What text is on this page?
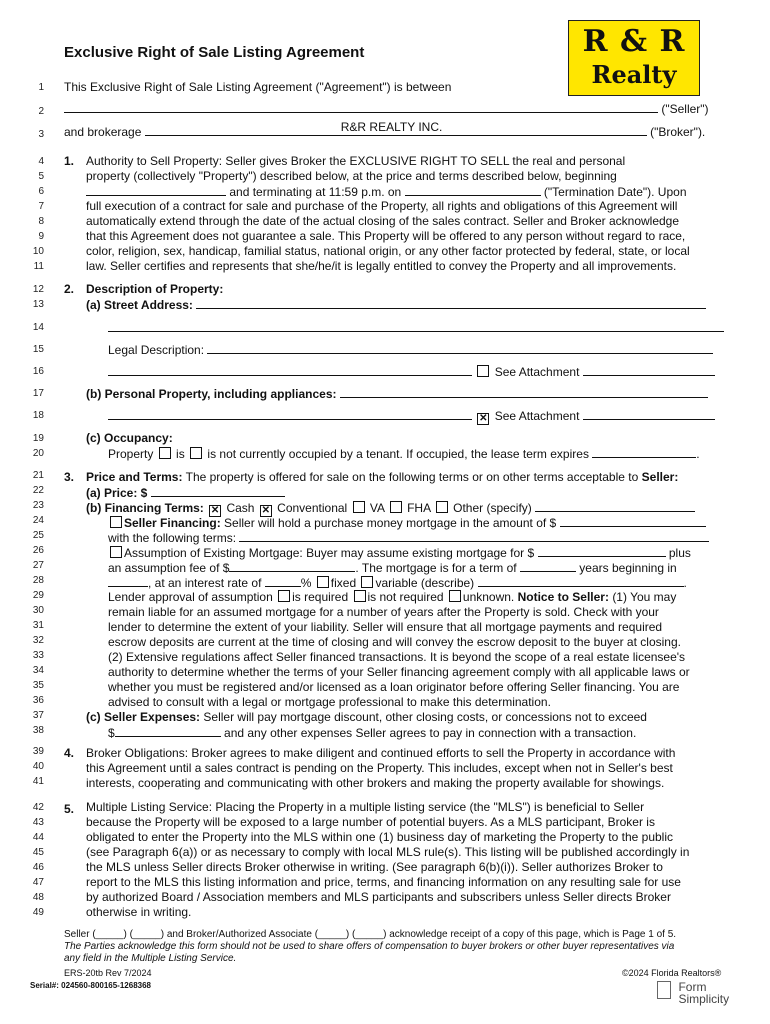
Exclusive Right of Sale Listing Agreement	R & R
Realty
1
2
3
4
5
6
7
8
9
10
11
12
13
14
15
16
17
18
19
20
21
22
23
24
25
26
27
28
29
30
31
32
33
34
35
36
37
38
39
40
41
42
43
44
45
46
47
48
49
This Exclusive Right of Sale Listing Agreement ("Agreement") is between
("Seller")
and brokerage	R&R REALTY INC.	("Broker").
1. Authority to Sell Property: Seller gives Broker the EXCLUSIVE RIGHT TO SELL the real and personal
property (collectively "Property") described below, at the price and terms described below, beginning
and terminating at 11:59 p.m. on	("Termination Date"). Upon
full execution of a contract for sale and purchase of the Property, all rights and obligations of this Agreement will
automatically extend through the date of the actual closing of the sales contract. Seller and Broker acknowledge
that this Agreement does not guarantee a sale. This Property will be offered to any person without regard to race,
color, religion, sex, handicap, familial status, national origin, or any other factor protected by federal, state, or local
law. Seller certifies and represents that she/he/it is legally entitled to convey the Property and all improvements.
2. Description of Property:
(a) Street Address:
Legal Description:
See Attachment
(b) Personal Property, including appliances:
✕ See Attachment
(c) Occupancy:
Property is is not currently occupied by a tenant. If occupied, the lease term expires	.
3. Price and Terms: The property is offered for sale on the following terms or on other terms acceptable to Seller:
(a) Price: $
(b) Financing Terms: ✕ Cash ✕ Conventional VA FHA Other (specify)
Seller Financing: Seller will hold a purchase money mortgage in the amount of $
with the following terms:
Assumption of Existing Mortgage: Buyer may assume existing mortgage for $	plus
an assumption fee of $	. The mortgage is for a term of	years beginning in
, at an interest rate of	% fixed variable (describe)	.
Lender approval of assumption is required is not required unknown. Notice to Seller: (1) You may
remain liable for an assumed mortgage for a number of years after the Property is sold. Check with your
lender to determine the extent of your liability. Seller will ensure that all mortgage payments and required
escrow deposits are current at the time of closing and will convey the escrow deposit to the buyer at closing.
(2) Extensive regulations affect Seller financed transactions. It is beyond the scope of a real estate licensee's
authority to determine whether the terms of your Seller financing agreement comply with all applicable laws or
whether you must be registered and/or licensed as a loan originator before offering Seller financing. You are
advised to consult with a legal or mortgage professional to make this determination.
(c) Seller Expenses: Seller will pay mortgage discount, other closing costs, or concessions not to exceed
$	and any other expenses Seller agrees to pay in connection with a transaction.
4. Broker Obligations: Broker agrees to make diligent and continued efforts to sell the Property in accordance with
this Agreement until a sales contract is pending on the Property. This includes, except when not in Seller's best
interests, cooperating and communicating with other brokers and making the property available for showings.
5. Multiple Listing Service: Placing the Property in a multiple listing service (the "MLS") is beneficial to Seller
because the Property will be exposed to a large number of potential buyers. As a MLS participant, Broker is
obligated to enter the Property into the MLS within one (1) business day of marketing the Property to the public
(see Paragraph 6(a)) or as necessary to comply with local MLS rule(s). This listing will be published accordingly in
the MLS unless Seller directs Broker otherwise in writing. (See paragraph 6(b)(i)). Seller authorizes Broker to
report to the MLS this listing information and price, terms, and financing information on any resulting sale for use
by authorized Board / Association members and MLS participants and subscribers unless Seller directs Broker
otherwise in writing.
Seller (_____) (_____) and Broker/Authorized Associate (_____) (_____) acknowledge receipt of a copy of this page, which is Page 1 of 5.
The Parties acknowledge this form should not be used to share offers of compensation to buyer brokers or other buyer representatives via
any field in the Multiple Listing Service.
ERS-20tb Rev 7/2024	©2024 Florida Realtors®
Serial#: 024560-800165-1268368	Form
Simplicity
